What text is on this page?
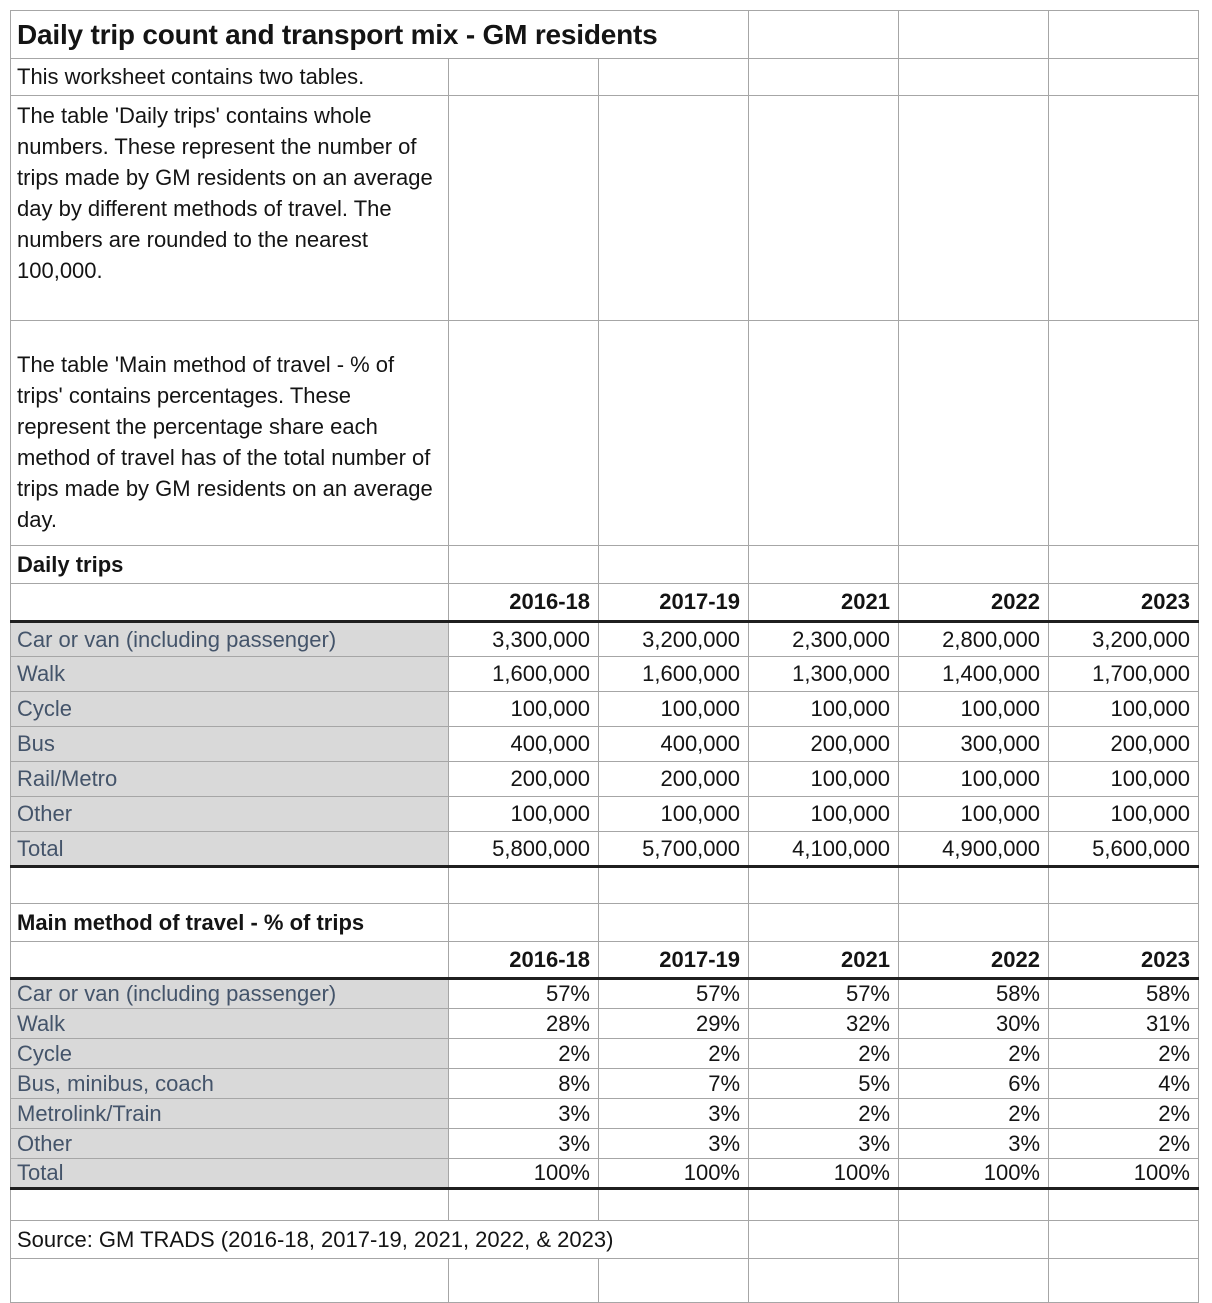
Daily trip count and transport mix - GM residents					
This worksheet contains two tables.					
The table 'Daily trips' contains whole numbers. These represent the number of trips made by GM residents on an average day by different methods of travel. The numbers are rounded to the nearest 100,000.					
The table 'Main method of travel - % of trips' contains percentages. These represent the percentage share each method of travel has of the total number of trips made by GM residents on an average day.					
Daily trips					
	2016-18	2017-19	2021	2022	2023
Car or van (including passenger)	3,300,000	3,200,000	2,300,000	2,800,000	3,200,000
Walk	1,600,000	1,600,000	1,300,000	1,400,000	1,700,000
Cycle	100,000	100,000	100,000	100,000	100,000
Bus	400,000	400,000	200,000	300,000	200,000
Rail/Metro	200,000	200,000	100,000	100,000	100,000
Other	100,000	100,000	100,000	100,000	100,000
Total	5,800,000	5,700,000	4,100,000	4,900,000	5,600,000

Main method of travel - % of trips					
	2016-18	2017-19	2021	2022	2023
Car or van (including passenger)	57%	57%	57%	58%	58%
Walk	28%	29%	32%	30%	31%
Cycle	2%	2%	2%	2%	2%
Bus, minibus, coach	8%	7%	5%	6%	4%
Metrolink/Train	3%	3%	2%	2%	2%
Other	3%	3%	3%	3%	2%
Total	100%	100%	100%	100%	100%

Source: GM TRADS (2016-18, 2017-19, 2021, 2022, & 2023)					
